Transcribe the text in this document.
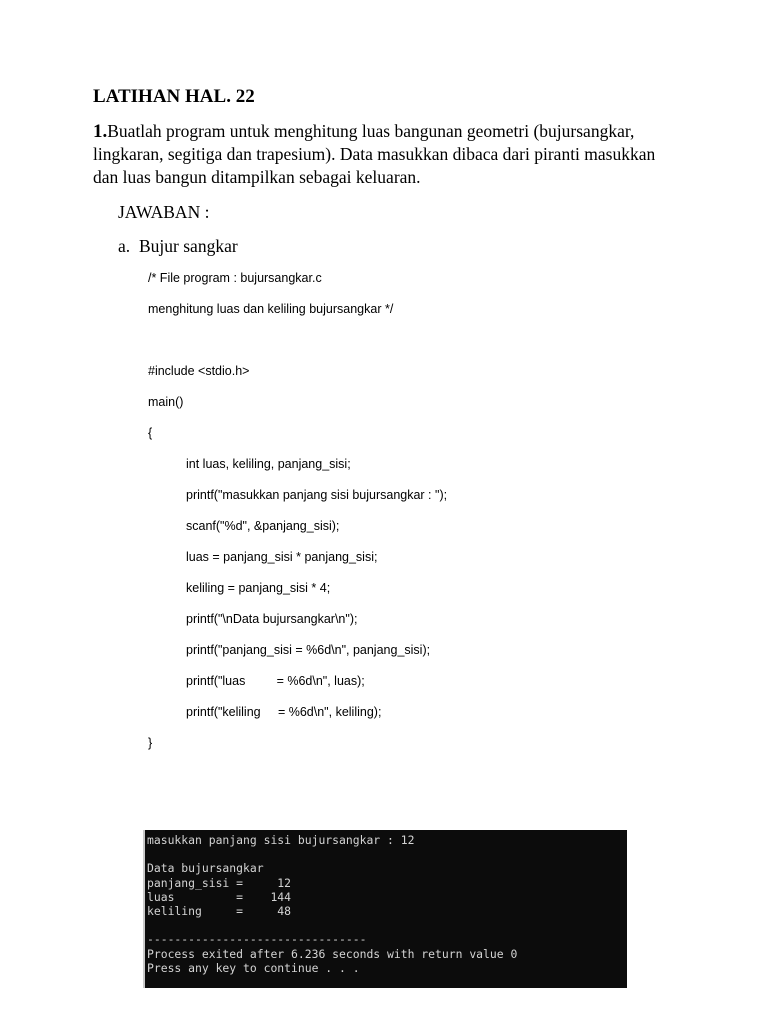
LATIHAN HAL. 22

1.Buatlah program untuk menghitung luas bangunan geometri (bujursangkar,
lingkaran, segitiga dan trapesium). Data masukkan dibaca dari piranti masukkan
dan luas bangun ditampilkan sebagai keluaran.

JAWABAN :
a. Bujur sangkar
/* File program : bujursangkar.c
menghitung luas dan keliling bujursangkar */
#include <stdio.h>
main()
{
int luas, keliling, panjang_sisi;
printf("masukkan panjang sisi bujursangkar : ");
scanf("%d", &panjang_sisi);
luas = panjang_sisi * panjang_sisi;
keliling = panjang_sisi * 4;
printf("\nData bujursangkar\n");
printf("panjang_sisi = %6d\n", panjang_sisi);
printf("luas         = %6d\n", luas);
printf("keliling     = %6d\n", keliling);
}
masukkan panjang sisi bujursangkar : 12
Data bujursangkar
panjang_sisi =     12
luas         =    144
keliling     =     48
--------------------------------
Process exited after 6.236 seconds with return value 0
Press any key to continue . . .
